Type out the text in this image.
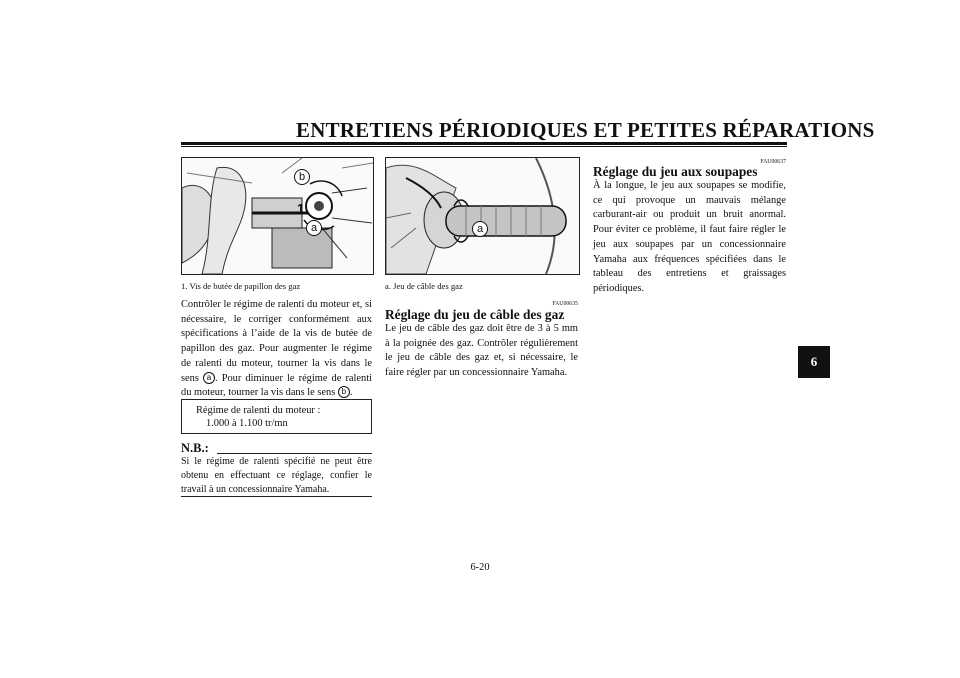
ENTRETIENS PÉRIODIQUES ET PETITES RÉPARATIONS
b
1
a
1. Vis de butée de papillon des gaz
Contrôler le régime de ralenti du moteur et, si nécessaire, le corriger conformément aux spécifications à l’aide de la vis de butée de papillon des gaz. Pour augmenter le régime de ralenti du moteur, tourner la vis dans le sens a . Pour diminuer le régime de ralenti du moteur, tourner la vis dans le sens b .
Régime de ralenti du moteur :
1.000 à 1.100 tr/mn
N.B.:
Si le régime de ralenti spécifié ne peut être obtenu en effectuant ce réglage, confier le travail à un concessionnaire Yamaha.
a
a. Jeu de câble des gaz
FAU00635
Réglage du jeu de câble des gaz
Le jeu de câble des gaz doit être de 3 à 5 mm à la poignée des gaz. Contrôler régulièrement le jeu de câble des gaz et, si nécessaire, le faire régler par un concessionnaire Yamaha.
FAU00637
Réglage du jeu aux soupapes
À la longue, le jeu aux soupapes se modifie, ce qui provoque un mauvais mélange carburant-air ou produit un bruit anormal. Pour éviter ce problème, il faut faire régler le jeu aux soupapes par un concessionnaire Yamaha aux fréquences spécifiées dans le tableau des entretiens et graissages périodiques.
6
6-20
